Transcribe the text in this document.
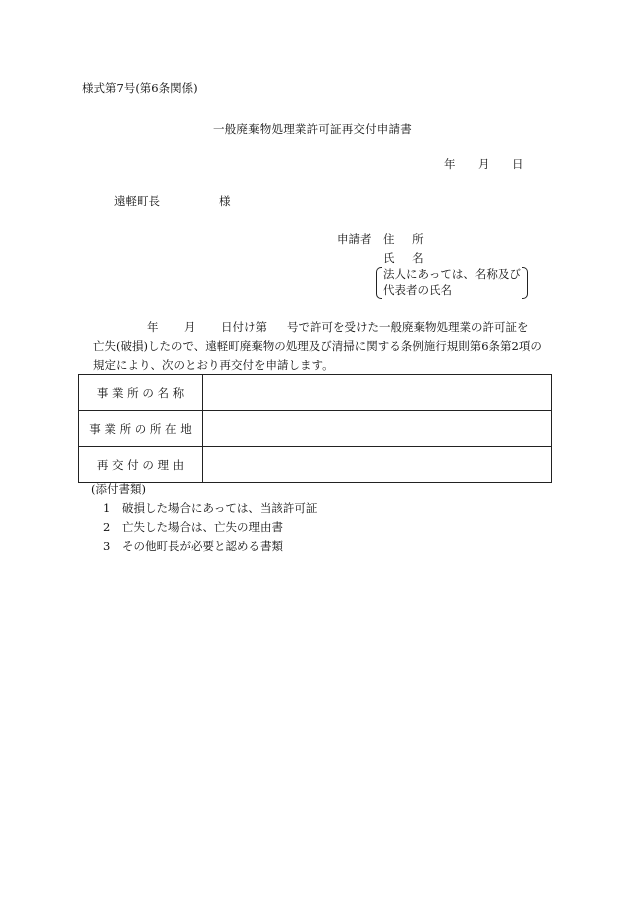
様式第7号(第6条関係)
一般廃棄物処理業許可証再交付申請書
年 月 日
遠軽町長	様
申請者 住 所
氏 名
法人にあっては、名称及び
代表者の氏名
年 月 日付け第 号で許可を受けた一般廃棄物処理業の許可証を
亡失(破損)したので、遠軽町廃棄物の処理及び清掃に関する条例施行規則第6条第2項の
規定により、次のとおり再交付を申請します。
事 業 所 の 名 称	
事 業 所 の 所 在 地	
再 交 付 の 理 由	
(添付書類)
1 破損した場合にあっては、当該許可証
2 亡失した場合は、亡失の理由書
3 その他町長が必要と認める書類
